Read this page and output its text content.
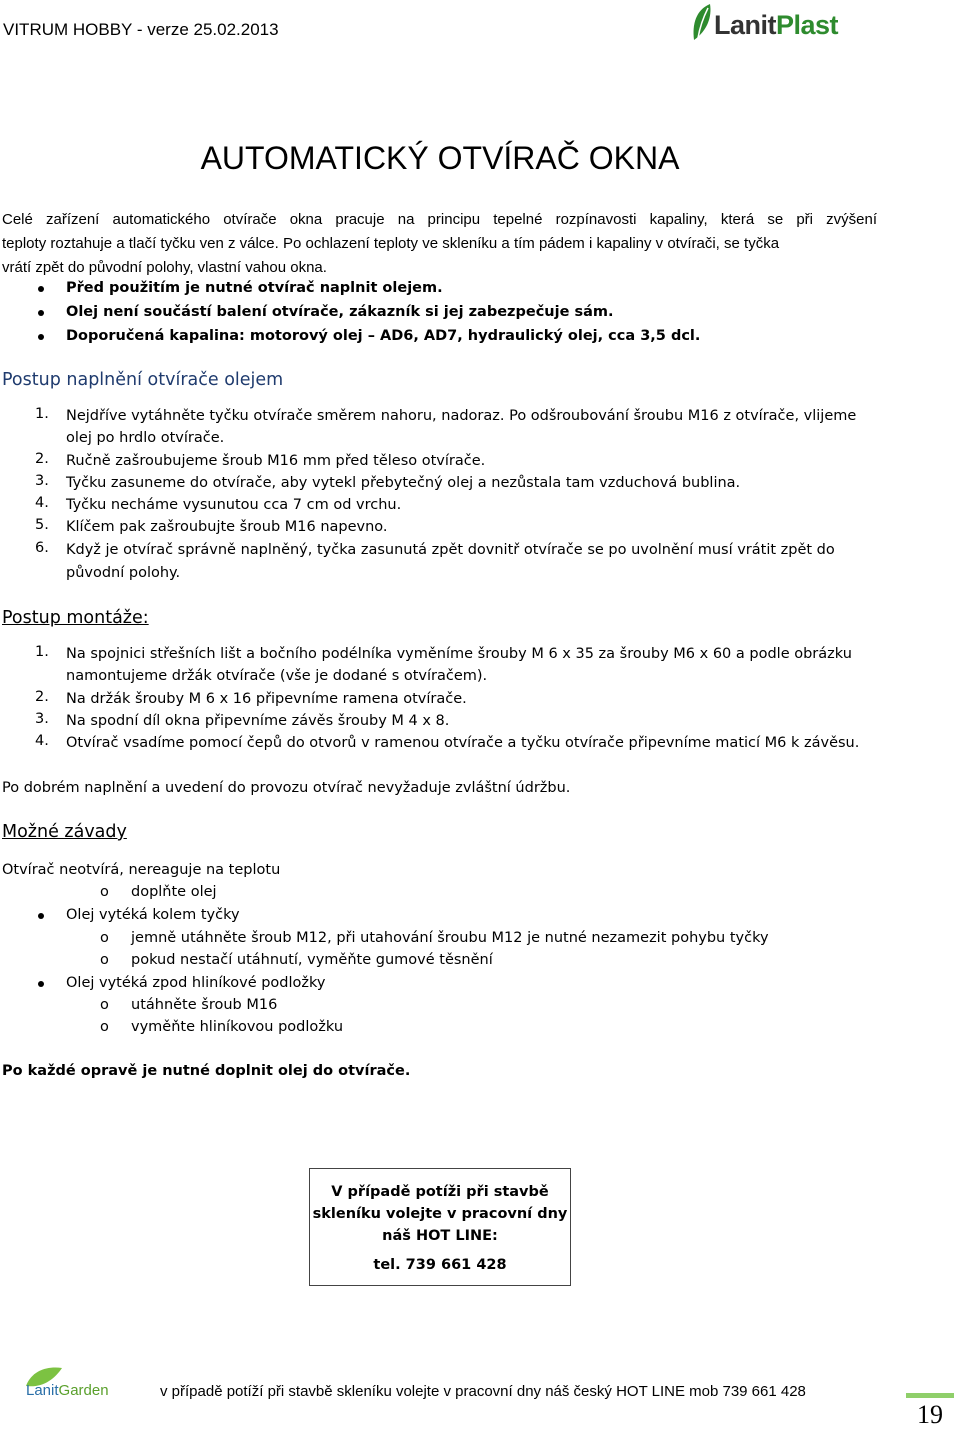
VITRUM HOBBY - verze 25.02.2013	LanitPlast
AUTOMATICKÝ OTVÍRAČ OKNA
Celé zařízení automatického otvírače okna pracuje na principu tepelné rozpínavosti kapaliny, která se při zvýšení
teploty roztahuje a tlačí tyčku ven z válce. Po ochlazení teploty ve skleníku a tím pádem i kapaliny v otvírači, se tyčka
vrátí zpět do původní polohy, vlastní vahou okna.
Před použitím je nutné otvírač naplnit olejem.
Olej není součástí balení otvírače, zákazník si jej zabezpečuje sám.
Doporučená kapalina: motorový olej – AD6, AD7, hydraulický olej, cca 3,5 dcl.
Postup naplnění otvírače olejem
1. Nejdříve vytáhněte tyčku otvírače směrem nahoru, nadoraz. Po odšroubování šroubu M16 z otvírače, vlijeme
olej po hrdlo otvírače.
2. Ručně zašroubujeme šroub M16 mm před těleso otvírače.
3. Tyčku zasuneme do otvírače, aby vytekl přebytečný olej a nezůstala tam vzduchová bublina.
4. Tyčku necháme vysunutou cca 7 cm od vrchu.
5. Klíčem pak zašroubujte šroub M16 napevno.
6. Když je otvírač správně naplněný, tyčka zasunutá zpět dovnitř otvírače se po uvolnění musí vrátit zpět do
původní polohy.
Postup montáže:
1. Na spojnici střešních lišt a bočního podélníka vyměníme šrouby M 6 x 35 za šrouby M6 x 60 a podle obrázku
namontujeme držák otvírače (vše je dodané s otvíračem).
2. Na držák šrouby M 6 x 16 připevníme ramena otvírače.
3. Na spodní díl okna připevníme závěs šrouby M 4 x 8.
4. Otvírač vsadíme pomocí čepů do otvorů v ramenou otvírače a tyčku otvírače připevníme maticí M6 k závěsu.
Po dobrém naplnění a uvedení do provozu otvírač nevyžaduje zvláštní údržbu.
Možné závady
Otvírač neotvírá, nereaguje na teplotu
o doplňte olej
Olej vytéká kolem tyčky
o jemně utáhněte šroub M12, při utahování šroubu M12 je nutné nezamezit pohybu tyčky
o pokud nestačí utáhnutí, vyměňte gumové těsnění
Olej vytéká zpod hliníkové podložky
o utáhněte šroub M16
o vyměňte hliníkovou podložku
Po každé opravě je nutné doplnit olej do otvírače.
V případě potíži při stavbě
skleníku volejte v pracovní dny
náš HOT LINE:
tel. 739 661 428
LanitGarden	v případě potíží při stavbě skleníku volejte v pracovní dny náš český HOT LINE mob 739 661 428
19
